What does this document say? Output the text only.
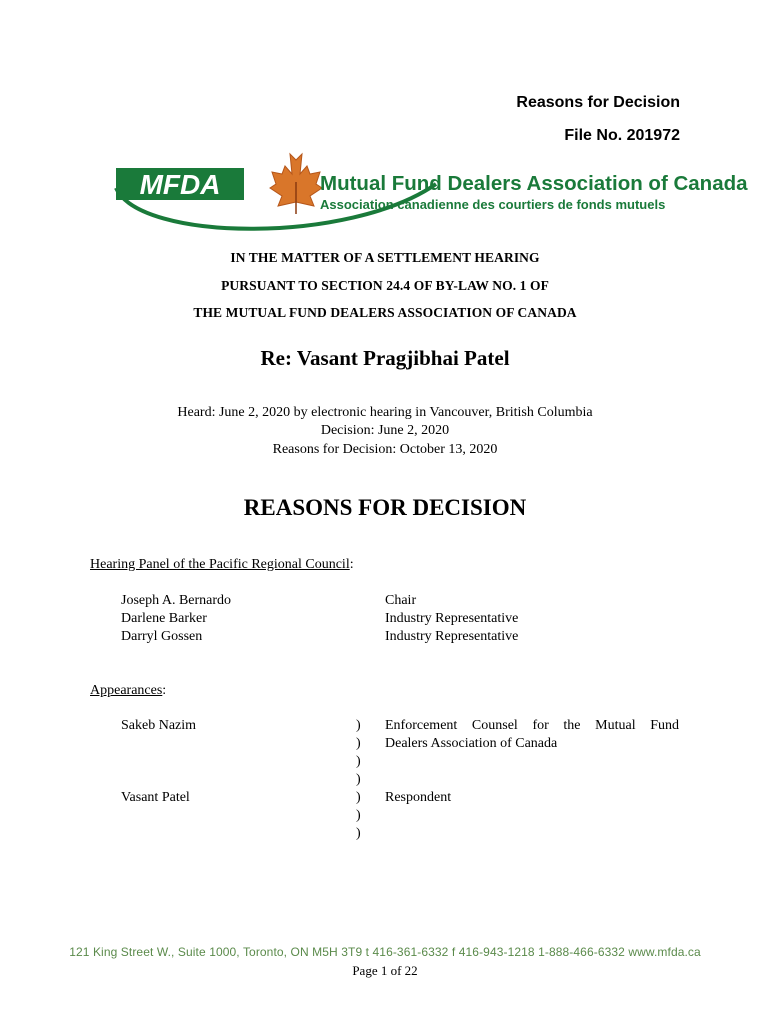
Reasons for Decision
File No. 201972
MFDA TM	Mutual Fund Dealers Association of Canada
Association canadienne des courtiers de fonds mutuels
IN THE MATTER OF A SETTLEMENT HEARING
PURSUANT TO SECTION 24.4 OF BY-LAW NO. 1 OF
THE MUTUAL FUND DEALERS ASSOCIATION OF CANADA
Re: Vasant Pragjibhai Patel
Heard: June 2, 2020 by electronic hearing in Vancouver, British Columbia
Decision: June 2, 2020
Reasons for Decision: October 13, 2020
REASONS FOR DECISION
Hearing Panel of the Pacific Regional Council:
Joseph A. Bernardo	Chair
Darlene Barker	Industry Representative
Darryl Gossen	Industry Representative
Appearances:
Sakeb Nazim	Enforcement Counsel for the Mutual Fund
Dealers Association of Canada
Vasant Patel	Respondent
)
)
)
)
)
)
)
121 King Street W., Suite 1000, Toronto, ON M5H 3T9 t 416-361-6332 f 416-943-1218 1-888-466-6332 www.mfda.ca
Page 1 of 22
